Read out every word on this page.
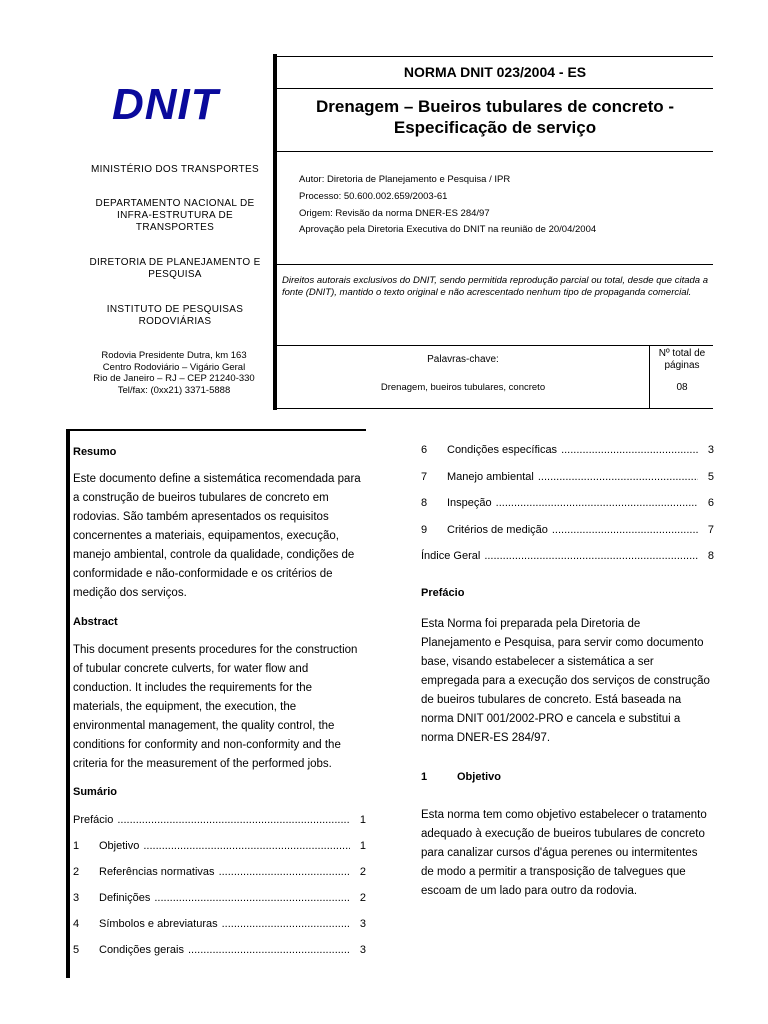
DNIT
MINISTÉRIO DOS TRANSPORTES
DEPARTAMENTO NACIONAL DE INFRA-ESTRUTURA DE TRANSPORTES
DIRETORIA DE PLANEJAMENTO E PESQUISA
INSTITUTO DE PESQUISAS RODOVIÁRIAS
Rodovia Presidente Dutra, km 163
Centro Rodoviário – Vigário Geral
Rio de Janeiro – RJ – CEP 21240-330
Tel/fax: (0xx21) 3371-5888
NORMA DNIT 023/2004 - ES
Drenagem – Bueiros tubulares de concreto -
Especificação de serviço
Autor: Diretoria de Planejamento e Pesquisa / IPR
Processo: 50.600.002.659/2003-61
Origem: Revisão da norma DNER-ES 284/97
Aprovação pela Diretoria Executiva do DNIT na reunião de 20/04/2004
Direitos autorais exclusivos do DNIT, sendo permitida reprodução parcial ou total, desde que citada a fonte (DNIT), mantido o texto original e não acrescentado nenhum tipo de propaganda comercial.
Palavras-chave:
Drenagem, bueiros tubulares, concreto
Nº total de
páginas
08
Resumo
Este documento define a sistemática recomendada para
a construção de bueiros tubulares de concreto em
rodovias. São também apresentados os requisitos
concernentes a materiais, equipamentos, execução,
manejo ambiental, controle da qualidade, condições de
conformidade e não-conformidade e os critérios de
medição dos serviços.
Abstract
This document presents procedures for the construction
of tubular concrete culverts, for water flow and
conduction. It includes the requirements for the
materials, the equipment, the execution, the
environmental management, the quality control, the
conditions for conformity and non-conformity and the
criteria for the measurement of the performed jobs.
Sumário
Prefácio .....	1
1	Objetivo .....	1
2	Referências normativas .....	2
3	Definições .....	2
4	Símbolos e abreviaturas .....	3
5	Condições gerais .....	3
6	Condições específicas .....	3
7	Manejo ambiental .....	5
8	Inspeção .....	6
9	Critérios de medição .....	7
Índice Geral .....	8
Prefácio
Esta Norma foi preparada pela Diretoria de
Planejamento e Pesquisa, para servir como documento
base, visando estabelecer a sistemática a ser
empregada para a execução dos serviços de construção
de bueiros tubulares de concreto. Está baseada na
norma DNIT 001/2002-PRO e cancela e substitui a
norma DNER-ES 284/97.
1	Objetivo
Esta norma tem como objetivo estabelecer o tratamento
adequado à execução de bueiros tubulares de concreto
para canalizar cursos d'água perenes ou intermitentes
de modo a permitir a transposição de talvegues que
escoam de um lado para outro da rodovia.
